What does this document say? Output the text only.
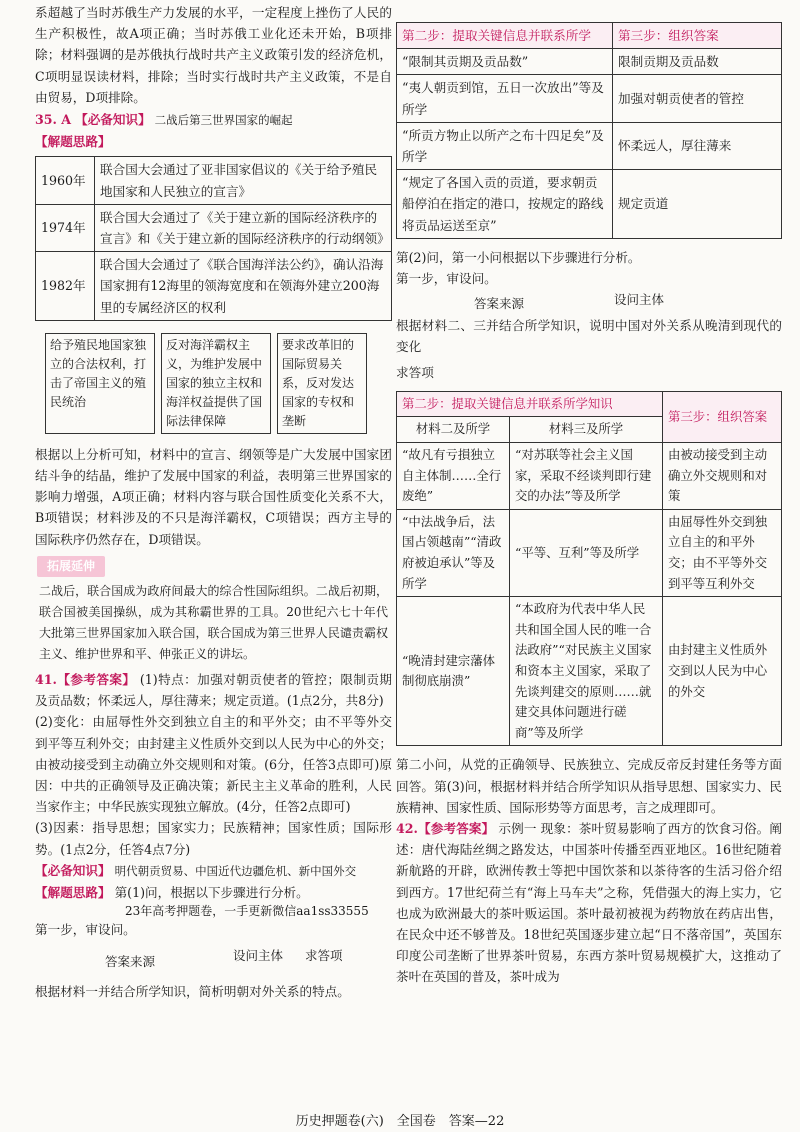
系超越了当时苏俄生产力发展的水平，一定程度上挫伤了人民的生产积极性，故A项正确；当时苏俄工业化还未开始，B项排除；材料强调的是苏俄执行战时共产主义政策引发的经济危机，C项明显误读材料，排除；当时实行战时共产主义政策，不是自由贸易，D项排除。

35. A 【必备知识】 二战后第三世界国家的崛起

【解题思路】

1960年	联合国大会通过了亚非国家倡议的《关于给予殖民地国家和人民独立的宣言》
1974年	联合国大会通过了《关于建立新的国际经济秩序的宣言》和《关于建立新的国际经济秩序的行动纲领》
1982年	联合国大会通过了《联合国海洋法公约》，确认沿海国家拥有12海里的领海宽度和在领海外建立200海里的专属经济区的权利
给予殖民地国家独立的合法权利，打击了帝国主义的殖民统治
反对海洋霸权主义，为维护发展中国家的独立主权和海洋权益提供了国际法律保障
要求改革旧的国际贸易关系，反对发达国家的专权和垄断

根据以上分析可知，材料中的宣言、纲领等是广大发展中国家团结斗争的结晶，维护了发展中国家的利益，表明第三世界国家的影响力增强，A项正确；材料内容与联合国性质变化关系不大，B项错误；材料涉及的不只是海洋霸权，C项错误；西方主导的国际秩序仍然存在，D项错误。

拓展延伸

二战后，联合国成为政府间最大的综合性国际组织。二战后初期，联合国被美国操纵，成为其称霸世界的工具。20世纪六七十年代大批第三世界国家加入联合国，联合国成为第三世界人民谴责霸权主义、维护世界和平、伸张正义的讲坛。

41.【参考答案】 (1)特点：加强对朝贡使者的管控；限制贡期及贡品数；怀柔远人，厚往薄来；规定贡道。(1点2分，共8分)

(2)变化：由屈辱性外交到独立自主的和平外交；由不平等外交到平等互利外交；由封建主义性质外交到以人民为中心的外交；由被动接受到主动确立外交规则和对策。(6分，任答3点即可)原因：中共的正确领导及正确决策；新民主主义革命的胜利，人民当家作主；中华民族实现独立解放。(4分，任答2点即可)

(3)因素：指导思想；国家实力；民族精神；国家性质；国际形势。(1点2分，任答4点7分)

【必备知识】 明代朝贡贸易、中国近代边疆危机、新中国外交

【解题思路】 第(1)问，根据以下步骤进行分析。

23年高考押题卷，一手更新微信aa1ss33555

第一步，审设问。

答案来源	设问主体 求答项

根据材料一并结合所学知识，简析明朝对外关系的特点。

第二步：提取关键信息并联系所学	第三步：组织答案
“限制其贡期及贡品数”	限制贡期及贡品数
“夷人朝贡到馆，五日一次放出”等及所学	加强对朝贡使者的管控
“所贡方物止以所产之布十四足矣”及所学	怀柔远人，厚往薄来
“规定了各国入贡的贡道，要求朝贡船停泊在指定的港口，按规定的路线将贡品运送至京”	规定贡道

第(2)问，第一小问根据以下步骤进行分析。

第一步，审设问。

答案来源	设问主体

根据材料二、三并结合所学知识，说明中国对外关系从晚清到现代的变化

求答项

第二步：提取关键信息并联系所学知识		第三步：组织答案
材料二及所学	材料三及所学	
“故凡有亏損独立自主体制……全行废绝”	“对苏联等社会主义国家，采取不经谈判即行建交的办法”等及所学	由被动接受到主动确立外交规则和对策
“中法战争后，法国占领越南”“清政府被迫承认”等及所学	“平等、互利”等及所学	由屈辱性外交到独立自主的和平外交；由不平等外交到平等互利外交
“晚清封建宗藩体制彻底崩溃”	“本政府为代表中华人民共和国全国人民的唯一合法政府”“对民族主义国家和资本主义国家，采取了先谈判建交的原则……就建交具体问题进行磋商”等及所学	由封建主义性质外交到以人民为中心的外交

第二小问，从党的正确领导、民族独立、完成反帝反封建任务等方面回答。第(3)问，根据材料并结合所学知识从指导思想、国家实力、民族精神、国家性质、国际形势等方面思考，言之成理即可。

42.【参考答案】 示例一 现象：茶叶贸易影响了西方的饮食习俗。阐述：唐代海陆丝绸之路发达，中国茶叶传播至西亚地区。16世纪随着新航路的开辟，欧洲传教士等把中国饮茶和以茶待客的生活习俗介绍到西方。17世纪荷兰有“海上马车夫”之称，凭借强大的海上实力，它也成为欧洲最大的茶叶贩运国。茶叶最初被视为药物放在药店出售，在民众中还不够普及。18世纪英国逐步建立起“日不落帝国”，英国东印度公司垄断了世界茶叶贸易，东西方茶叶贸易规模扩大，这推动了茶叶在英国的普及，茶叶成为

历史押题卷(六)　全国卷　答案—22
